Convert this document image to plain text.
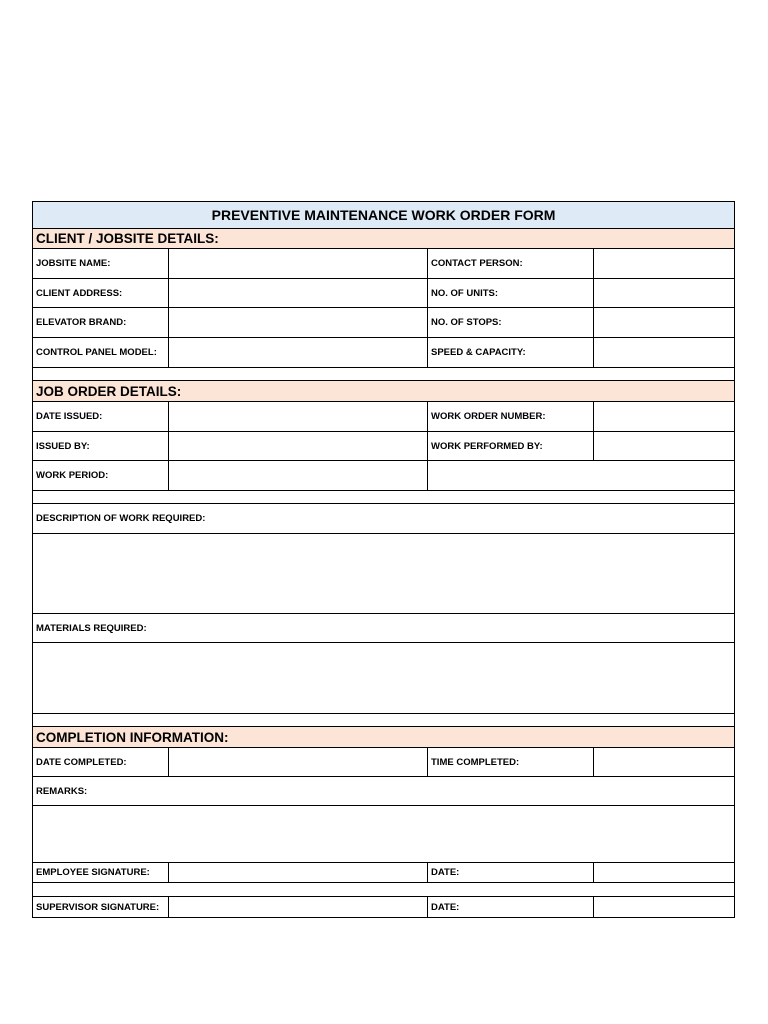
PREVENTIVE MAINTENANCE WORK ORDER FORM			
CLIENT / JOBSITE DETAILS:			
JOBSITE NAME:		CONTACT PERSON:	
CLIENT ADDRESS:		NO. OF UNITS:	
ELEVATOR BRAND:		NO. OF STOPS:	
CONTROL PANEL MODEL:		SPEED & CAPACITY:	

JOB ORDER DETAILS:			
DATE ISSUED:		WORK ORDER NUMBER:	
ISSUED BY:		WORK PERFORMED BY:	
WORK PERIOD:			

DESCRIPTION OF WORK REQUIRED:			

MATERIALS REQUIRED:			

COMPLETION INFORMATION:			
DATE COMPLETED:		TIME COMPLETED:	
REMARKS:			

EMPLOYEE SIGNATURE:		DATE:	

SUPERVISOR SIGNATURE:		DATE:	
